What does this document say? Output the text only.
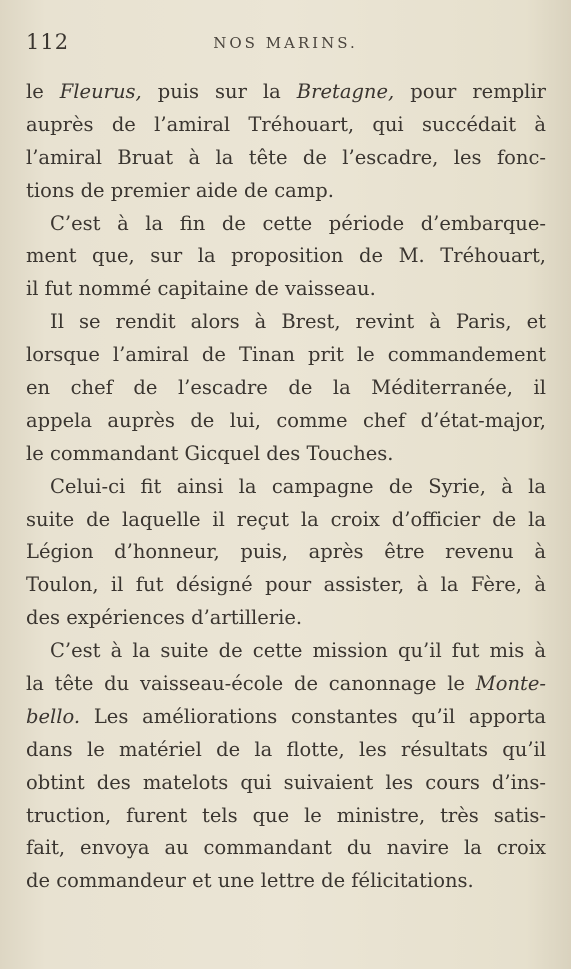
112	NOS MARINS.
le Fleurus, puis sur la Bretagne, pour remplir
auprès de l’amiral Tréhouart, qui succédait à
l’amiral Bruat à la tête de l’escadre, les fonc-
tions de premier aide de camp.
C’est à la fin de cette période d’embarque-
ment que, sur la proposition de M. Tréhouart,
il fut nommé capitaine de vaisseau.
Il se rendit alors à Brest, revint à Paris, et
lorsque l’amiral de Tinan prit le commandement
en chef de l’escadre de la Méditerranée, il
appela auprès de lui, comme chef d’état-major,
le commandant Gicquel des Touches.
Celui-ci fit ainsi la campagne de Syrie, à la
suite de laquelle il reçut la croix d’officier de la
Légion d’honneur, puis, après être revenu à
Toulon, il fut désigné pour assister, à la Fère, à
des expériences d’artillerie.
C’est à la suite de cette mission qu’il fut mis à
la tête du vaisseau-école de canonnage le Monte-
bello. Les améliorations constantes qu’il apporta
dans le matériel de la flotte, les résultats qu’il
obtint des matelots qui suivaient les cours d’ins-
truction, furent tels que le ministre, très satis-
fait, envoya au commandant du navire la croix
de commandeur et une lettre de félicitations.
